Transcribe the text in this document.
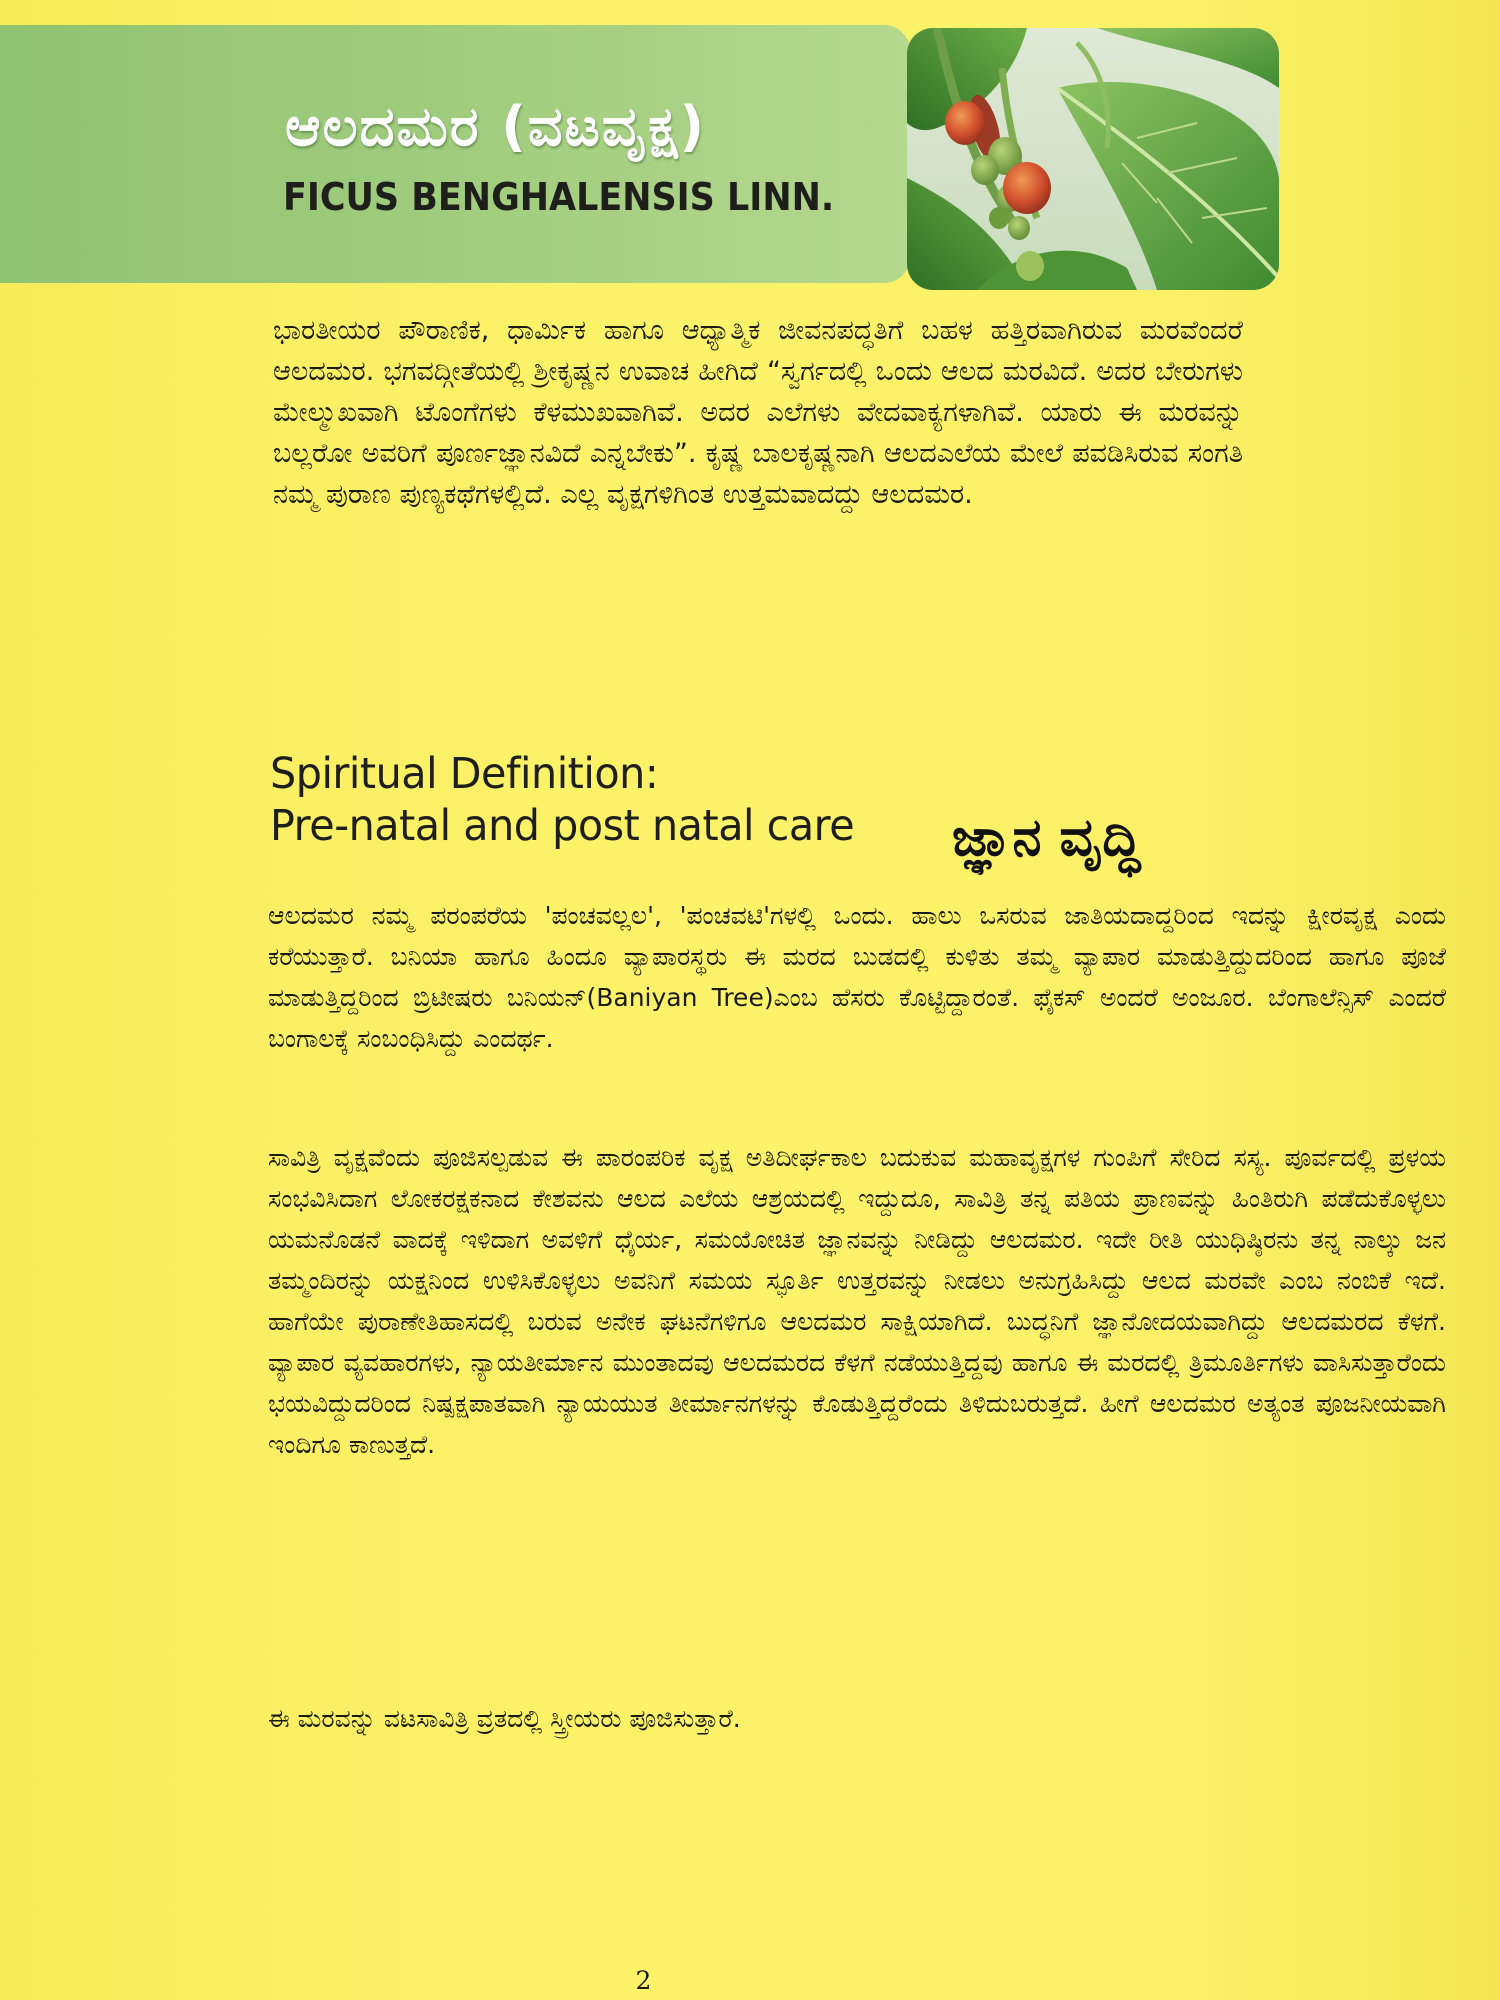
ಆಲದಮರ (ವಟವೃಕ್ಷ)
FICUS BENGHALENSIS LINN.

ಭಾರತೀಯರ ಪೌರಾಣಿಕ, ಧಾರ್ಮಿಕ ಹಾಗೂ ಆಧ್ಯಾತ್ಮಿಕ ಜೀವನಪದ್ಧತಿಗೆ ಬಹಳ ಹತ್ತಿರವಾಗಿರುವ ಮರವೆಂದರೆ ಆಲದಮರ. ಭಗವದ್ಗೀತೆಯಲ್ಲಿ ಶ್ರೀಕೃಷ್ಣನ ಉವಾಚ ಹೀಗಿದೆ “ಸ್ವರ್ಗದಲ್ಲಿ ಒಂದು ಆಲದ ಮರವಿದೆ. ಅದರ ಬೇರುಗಳು ಮೇಲ್ಮುಖವಾಗಿ ಟೊಂಗೆಗಳು ಕೆಳಮುಖವಾಗಿವೆ. ಅದರ ಎಲೆಗಳು ವೇದವಾಕ್ಯಗಳಾಗಿವೆ. ಯಾರು ಈ ಮರವನ್ನು ಬಲ್ಲರೋ ಅವರಿಗೆ ಪೂರ್ಣಜ್ಞಾನವಿದೆ ಎನ್ನಬೇಕು”. ಕೃಷ್ಣ ಬಾಲಕೃಷ್ಣನಾಗಿ ಆಲದಎಲೆಯ ಮೇಲೆ ಪವಡಿಸಿರುವ ಸಂಗತಿ ನಮ್ಮ ಪುರಾಣ ಪುಣ್ಯಕಥೆಗಳಲ್ಲಿದೆ. ಎಲ್ಲ ವೃಕ್ಷಗಳಿಗಿಂತ ಉತ್ತಮವಾದದ್ದು ಆಲದಮರ.

Spiritual Definition:
Pre-natal and post natal care ಜ್ಞಾನ ವೃದ್ಧಿ

ಆಲದಮರ ನಮ್ಮ ಪರಂಪರೆಯ 'ಪಂಚವಲ್ಲಲ', 'ಪಂಚವಟಿ'ಗಳಲ್ಲಿ ಒಂದು. ಹಾಲು ಒಸರುವ ಜಾತಿಯದಾದ್ದರಿಂದ ಇದನ್ನು ಕ್ಷೀರವೃಕ್ಷ ಎಂದು ಕರೆಯುತ್ತಾರೆ. ಬನಿಯಾ ಹಾಗೂ ಹಿಂದೂ ವ್ಯಾಪಾರಸ್ಥರು ಈ ಮರದ ಬುಡದಲ್ಲಿ ಕುಳಿತು ತಮ್ಮ ವ್ಯಾಪಾರ ಮಾಡುತ್ತಿದ್ದುದರಿಂದ ಹಾಗೂ ಪೂಜೆ ಮಾಡುತ್ತಿದ್ದರಿಂದ ಬ್ರಿಟೀಷರು ಬನಿಯನ್(Baniyan Tree)ಎಂಬ ಹೆಸರು ಕೊಟ್ಟಿದ್ದಾರಂತೆ. ಫೈಕಸ್ ಅಂದರೆ ಅಂಜೂರ. ಬೆಂಗಾಲೆನ್ಸಿಸ್ ಎಂದರೆ ಬಂಗಾಲಕ್ಕೆ ಸಂಬಂಧಿಸಿದ್ದು ಎಂದರ್ಥ.

ಸಾವಿತ್ರಿ ವೃಕ್ಷವೆಂದು ಪೂಜಿಸಲ್ಪಡುವ ಈ ಪಾರಂಪರಿಕ ವೃಕ್ಷ ಅತಿದೀರ್ಘಕಾಲ ಬದುಕುವ ಮಹಾವೃಕ್ಷಗಳ ಗುಂಪಿಗೆ ಸೇರಿದ ಸಸ್ಯ. ಪೂರ್ವದಲ್ಲಿ ಪ್ರಳಯ ಸಂಭವಿಸಿದಾಗ ಲೋಕರಕ್ಷಕನಾದ ಕೇಶವನು ಆಲದ ಎಲೆಯ ಆಶ್ರಯದಲ್ಲಿ ಇದ್ದುದೂ, ಸಾವಿತ್ರಿ ತನ್ನ ಪತಿಯ ಪ್ರಾಣವನ್ನು ಹಿಂತಿರುಗಿ ಪಡೆದುಕೊಳ್ಳಲು ಯಮನೊಡನೆ ವಾದಕ್ಕೆ ಇಳಿದಾಗ ಅವಳಿಗೆ ಧೈರ್ಯ, ಸಮಯೋಚಿತ ಜ್ಞಾನವನ್ನು ನೀಡಿದ್ದು ಆಲದಮರ. ಇದೇ ರೀತಿ ಯುಧಿಷ್ಠಿರನು ತನ್ನ ನಾಲ್ಕು ಜನ ತಮ್ಮಂದಿರನ್ನು ಯಕ್ಷನಿಂದ ಉಳಿಸಿಕೊಳ್ಳಲು ಅವನಿಗೆ ಸಮಯ ಸ್ಫೂರ್ತಿ ಉತ್ತರವನ್ನು ನೀಡಲು ಅನುಗ್ರಹಿಸಿದ್ದು ಆಲದ ಮರವೇ ಎಂಬ ನಂಬಿಕೆ ಇದೆ. ಹಾಗೆಯೇ ಪುರಾಣೇತಿಹಾಸದಲ್ಲಿ ಬರುವ ಅನೇಕ ಘಟನೆಗಳಿಗೂ ಆಲದಮರ ಸಾಕ್ಷಿಯಾಗಿದೆ. ಬುದ್ಧನಿಗೆ ಜ್ಞಾನೋದಯವಾಗಿದ್ದು ಆಲದಮರದ ಕೆಳಗೆ. ವ್ಯಾಪಾರ ವ್ಯವಹಾರಗಳು, ನ್ಯಾಯತೀರ್ಮಾನ ಮುಂತಾದವು ಆಲದಮರದ ಕೆಳಗೆ ನಡೆಯುತ್ತಿದ್ದವು ಹಾಗೂ ಈ ಮರದಲ್ಲಿ ತ್ರಿಮೂರ್ತಿಗಳು ವಾಸಿಸುತ್ತಾರೆಂದು ಭಯವಿದ್ದುದರಿಂದ ನಿಷ್ಪಕ್ಷಪಾತವಾಗಿ ನ್ಯಾಯಯುತ ತೀರ್ಮಾನಗಳನ್ನು ಕೊಡುತ್ತಿದ್ದರೆಂದು ತಿಳಿದುಬರುತ್ತದೆ. ಹೀಗೆ ಆಲದಮರ ಅತ್ಯಂತ ಪೂಜನೀಯವಾಗಿ ಇಂದಿಗೂ ಕಾಣುತ್ತದೆ.

ಈ ಮರವನ್ನು ವಟಸಾವಿತ್ರಿ ವ್ರತದಲ್ಲಿ ಸ್ತ್ರೀಯರು ಪೂಜಿಸುತ್ತಾರೆ.

2
